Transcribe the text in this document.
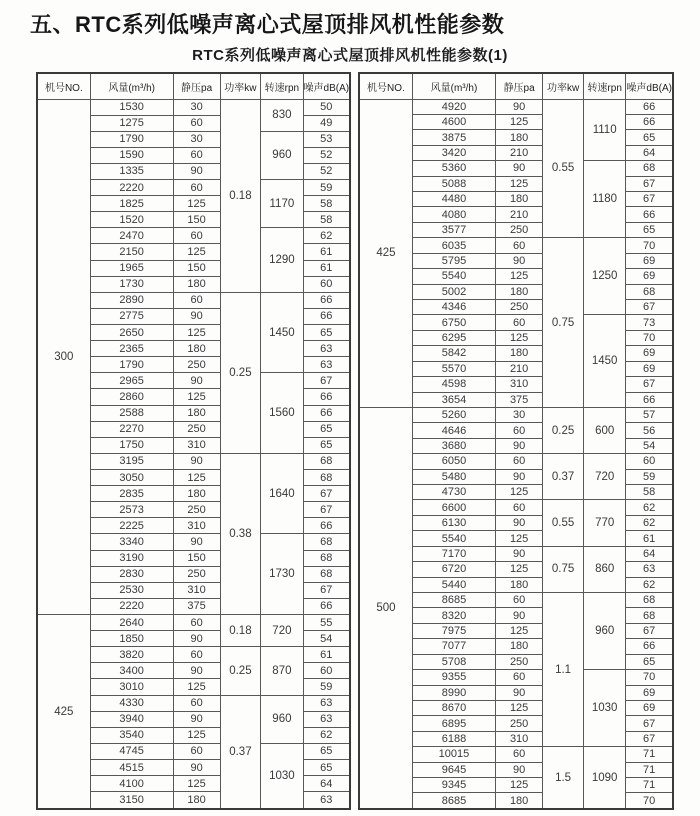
五、RTC系列低噪声离心式屋顶排风机性能参数
RTC系列低噪声离心式屋顶排风机性能参数(1)
机号NO.	风量(m³/h)	静压pa	功率kw	转速rpn	噪声dB(A)
300	1530	30	0.18	830	50
	1275	60			49
	1790	30		960	53
	1590	60			52
	1335	90			52
	2220	60		1170	59
	1825	125			58
	1520	150			58
	2470	60		1290	62
	2150	125			61
	1965	150			61
	1730	180			60
	2890	60	0.25	1450	66
	2775	90			66
	2650	125			65
	2365	180			63
	1790	250			63
	2965	90		1560	67
	2860	125			66
	2588	180			66
	2270	250			65
	1750	310			65
	3195	90	0.38	1640	68
	3050	125			68
	2835	180			67
	2573	250			67
	2225	310			66
	3340	90		1730	68
	3190	150			68
	2830	250			68
	2530	310			67
	2220	375			66
425	2640	60	0.18	720	55
	1850	90			54
	3820	60	0.25	870	61
	3400	90			60
	3010	125			59
	4330	60	0.37	960	63
	3940	90			63
	3540	125			62
	4745	60		1030	65
	4515	90			65
	4100	125			64
	3150	180			63
机号NO.	风量(m³/h)	静压pa	功率kw	转速rpn	噪声dB(A)
425	4920	90	0.55	1110	66
	4600	125			66
	3875	180			65
	3420	210			64
	5360	90		1180	68
	5088	125			67
	4480	180			67
	4080	210			66
	3577	250			65
	6035	60	0.75	1250	70
	5795	90			69
	5540	125			69
	5002	180			68
	4346	250			67
	6750	60		1450	73
	6295	125			70
	5842	180			69
	5570	210			69
	4598	310			67
	3654	375			66
500	5260	30	0.25	600	57
	4646	60			56
	3680	90			54
	6050	60	0.37	720	60
	5480	90			59
	4730	125			58
	6600	60	0.55	770	62
	6130	90			62
	5540	125			61
	7170	90	0.75	860	64
	6720	125			63
	5440	180			62
	8685	60	1.1	960	68
	8320	90			68
	7975	125			67
	7077	180			66
	5708	250			65
	9355	60		1030	70
	8990	90			69
	8670	125			69
	6895	250			67
	6188	310			67
	10015	60	1.5	1090	71
	9645	90			71
	9345	125			71
	8685	180			70
